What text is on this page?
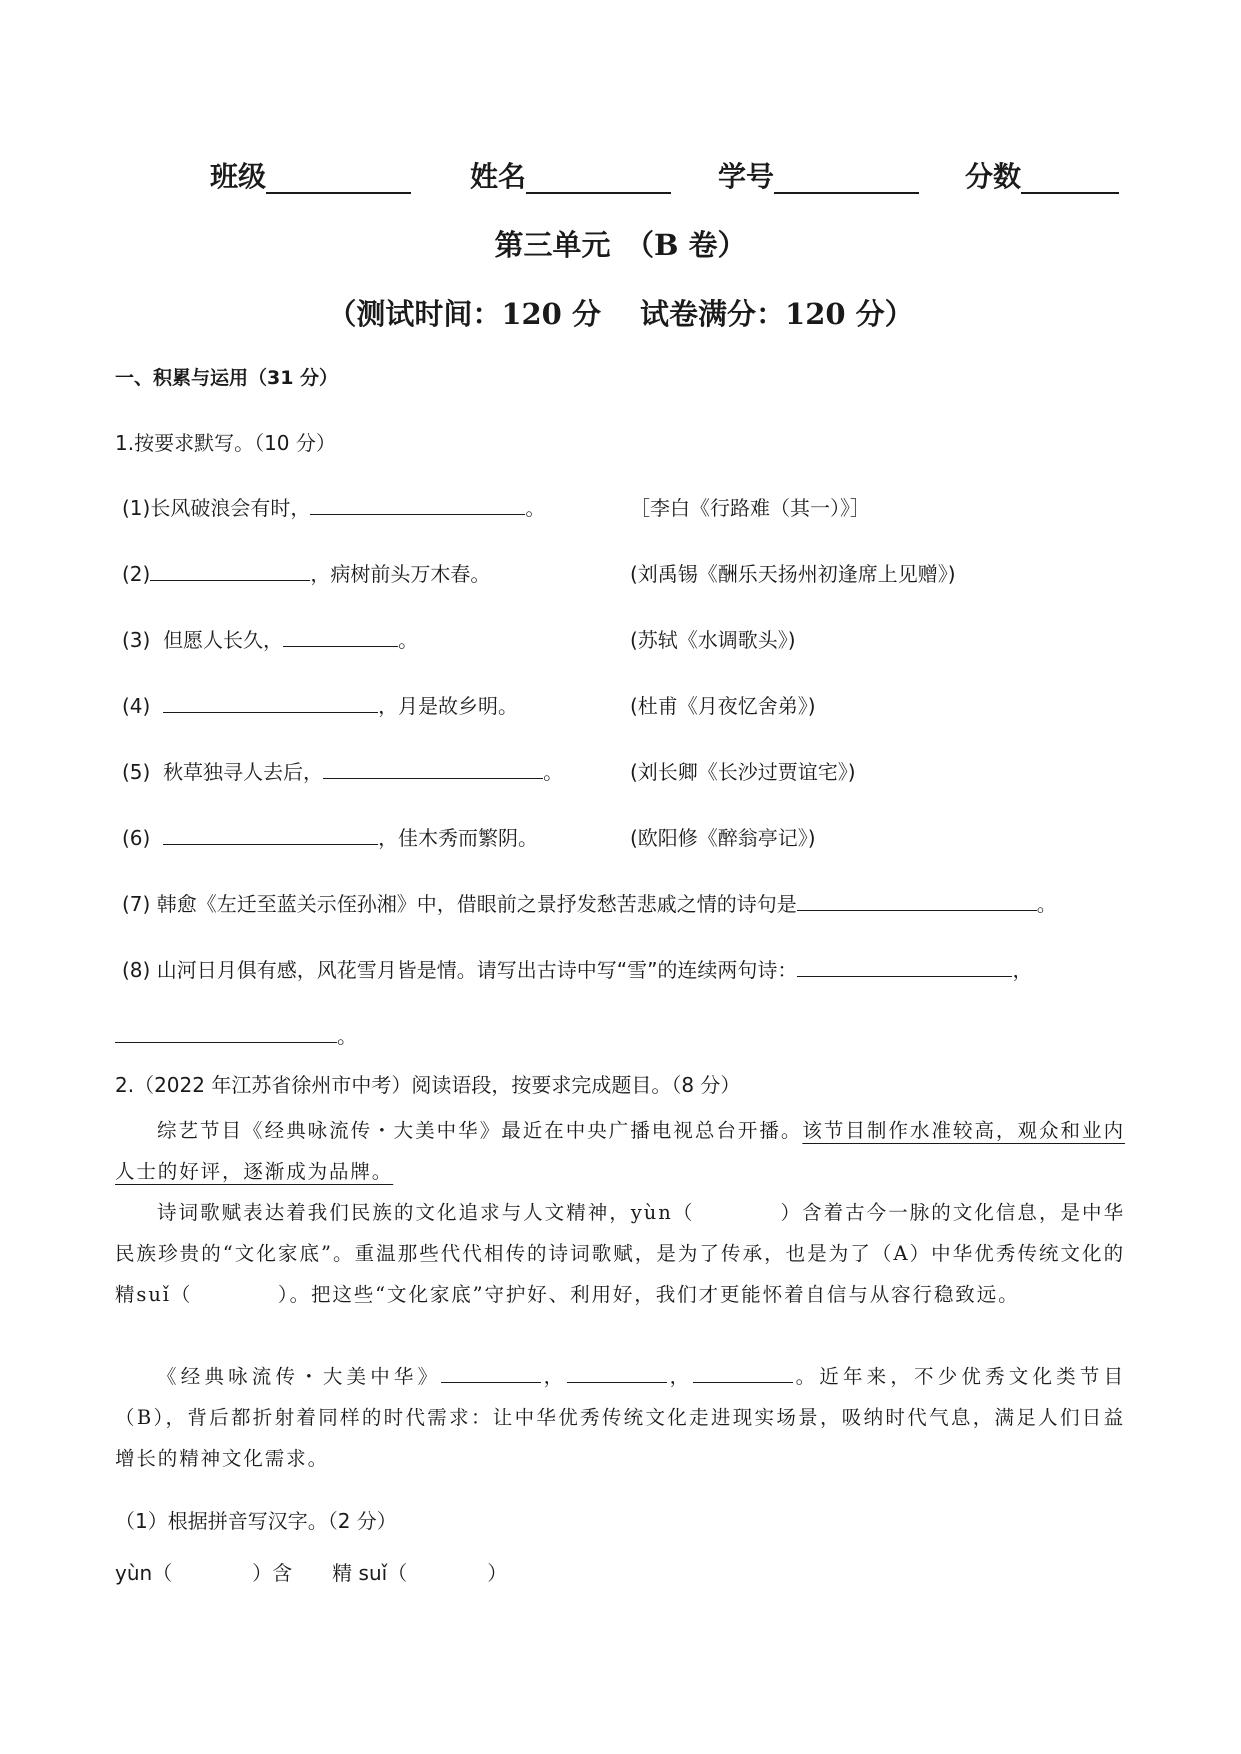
班级	姓名	学号	分数
第三单元　（B 卷）
（测试时间：120 分　 试卷满分：120 分）
一、积累与运用（31 分）
1.按要求默写。（10 分）
(1)长风破浪会有时，	。	［李白《行路难（其一）》］
(2)	，病树前头万木春。	(刘禹锡《酬乐天扬州初逢席上见赠》)
(3) 但愿人长久，	。	(苏轼《水调歌头》)
(4)	，月是故乡明。	(杜甫《月夜忆舍弟》)
(5) 秋草独寻人去后，	。	(刘长卿《长沙过贾谊宅》)
(6)	，佳木秀而繁阴。	(欧阳修《醉翁亭记》)
(7) 韩愈《左迁至蓝关示侄孙湘》中，借眼前之景抒发愁苦悲戚之情的诗句是	。
(8) 山河日月俱有感，风花雪月皆是情。请写出古诗中写“雪”的连续两句诗：	，
。
2.（2022 年江苏省徐州市中考）阅读语段，按要求完成题目。（8 分）
综艺节目《经典咏流传・大美中华》最近在中央广播电视总台开播。该节目制作水准较高，观众和业内人士的好评，逐渐成为品牌。
诗词歌赋表达着我们民族的文化追求与人文精神，yùn（　　　　）含着古今一脉的文化信息，是中华民族珍贵的“文化家底”。重温那些代代相传的诗词歌赋，是为了传承，也是为了（A）中华优秀传统文化的精suǐ（　　　　）。把这些“文化家底”守护好、利用好，我们才更能怀着自信与从容行稳致远。
《经典咏流传・大美中华》	，	，	。近年来，不少优秀文化类节目（B），背后都折射着同样的时代需求：让中华优秀传统文化走进现实场景，吸纳时代气息，满足人们日益增长的精神文化需求。
（1）根据拼音写汉字。（2 分）
yùn（　　　　）含　　精 suǐ（　　　　）
